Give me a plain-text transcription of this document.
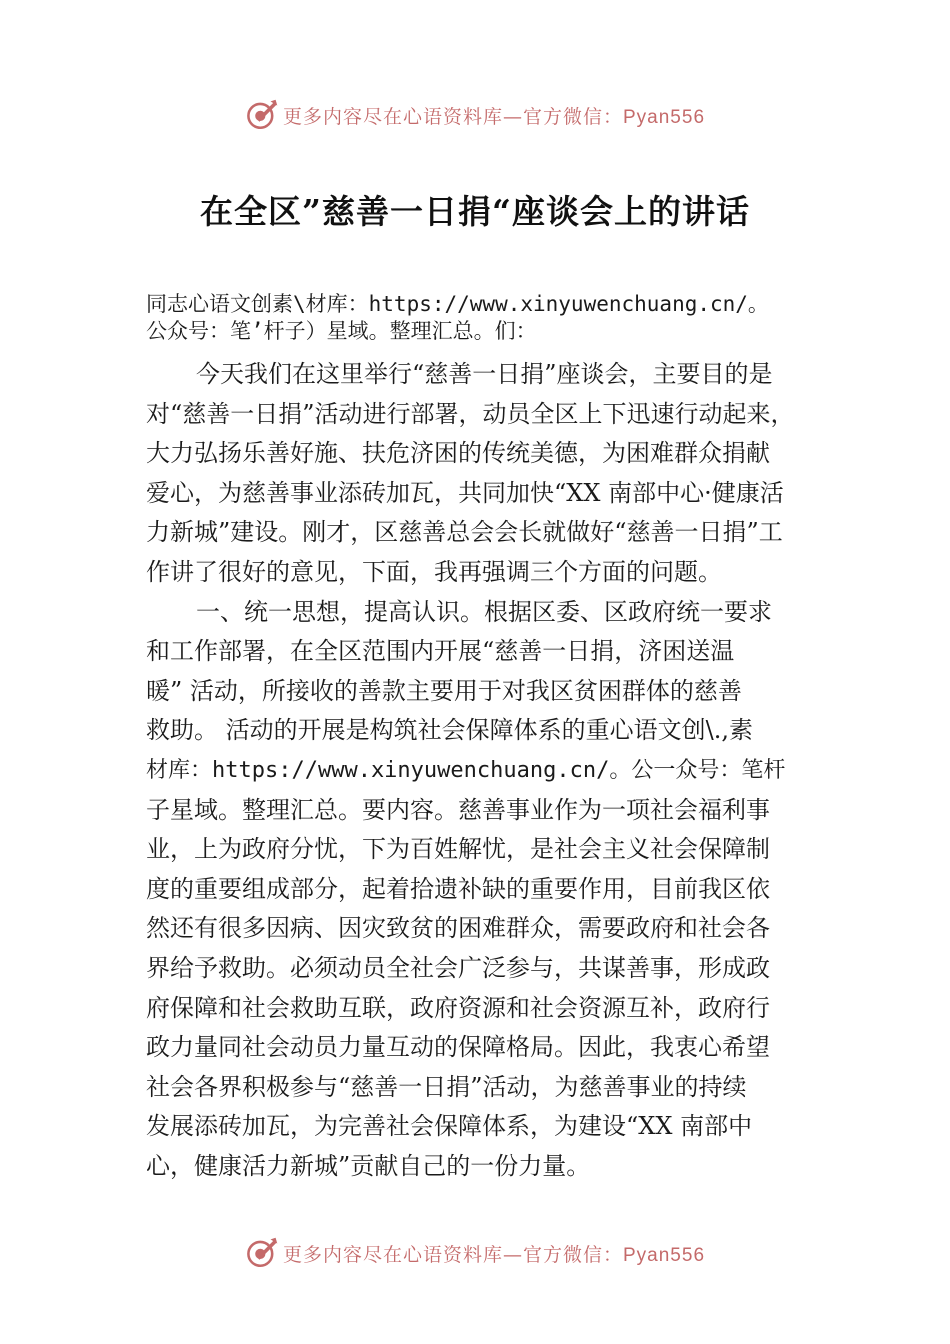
更多内容尽在心语资料库—官方微信：Pyan556
在全区”慈善一日捐“座谈会上的讲话
同志心语文创素\材库：https://www.xinyuwenchuang.cn/。
公众号：笔’杆子）星域。整理汇总。们：
今天我们在这里举行“慈善一日捐”座谈会，主要目的是
对“慈善一日捐”活动进行部署，动员全区上下迅速行动起来，
大力弘扬乐善好施、扶危济困的传统美德，为困难群众捐献
爱心，为慈善事业添砖加瓦，共同加快“XX 南部中心·健康活
力新城”建设。刚才，区慈善总会会长就做好“慈善一日捐”工
作讲了很好的意见，下面，我再强调三个方面的问题。
一、统一思想，提高认识。根据区委、区政府统一要求
和工作部署，在全区范围内开展“慈善一日捐，济困送温
暖” 活动，所接收的善款主要用于对我区贫困群体的慈善
救助。 活动的开展是构筑社会保障体系的重心语文创\.,素
材库：https://www.xinyuwenchuang.cn/。公一众号：笔杆
子星域。整理汇总。要内容。慈善事业作为一项社会福利事
业，上为政府分忧，下为百姓解忧，是社会主义社会保障制
度的重要组成部分，起着拾遗补缺的重要作用，目前我区依
然还有很多因病、因灾致贫的困难群众，需要政府和社会各
界给予救助。必须动员全社会广泛参与，共谋善事，形成政
府保障和社会救助互联，政府资源和社会资源互补，政府行
政力量同社会动员力量互动的保障格局。因此，我衷心希望
社会各界积极参与“慈善一日捐”活动，为慈善事业的持续
发展添砖加瓦，为完善社会保障体系，为建设“XX 南部中
心，健康活力新城”贡献自己的一份力量。
更多内容尽在心语资料库—官方微信：Pyan556
